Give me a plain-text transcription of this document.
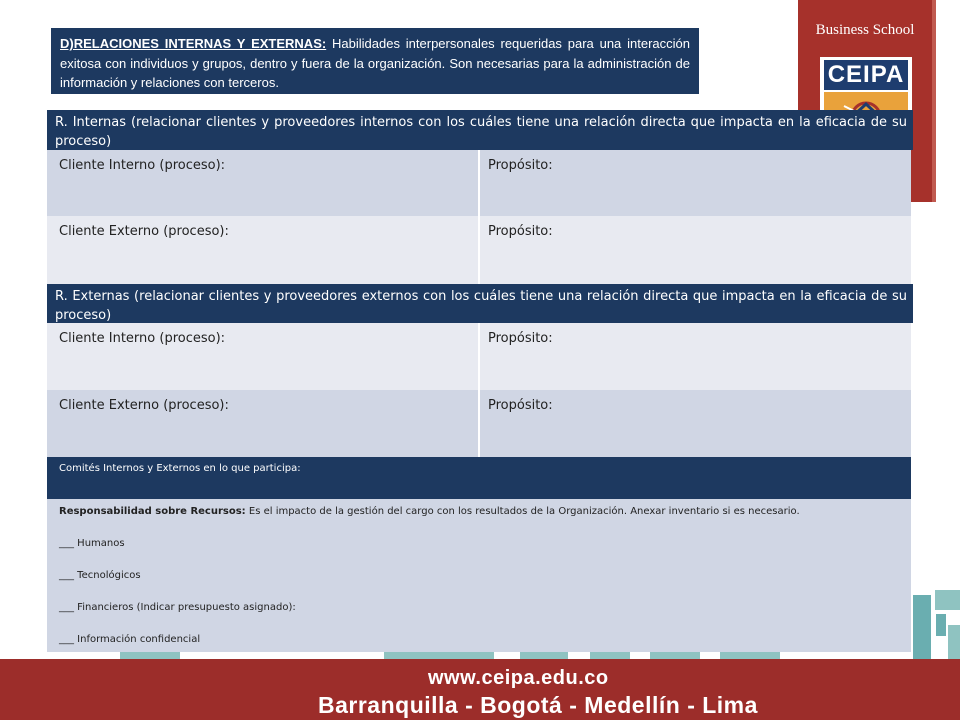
Business School
CEIPA
D)RELACIONES INTERNAS Y EXTERNAS: Habilidades interpersonales requeridas para una interacción exitosa con individuos y grupos, dentro y fuera de la organización. Son necesarias para la administración de información y relaciones con terceros.
R. Internas (relacionar clientes y proveedores internos con los cuáles tiene una relación directa que impacta en la eficacia de su proceso)
Cliente Interno (proceso):	Propósito:
Cliente Externo (proceso):	Propósito:
R. Externas (relacionar clientes y proveedores externos con los cuáles tiene una relación directa que impacta en la eficacia de su proceso)
Cliente Interno (proceso):	Propósito:
Cliente Externo (proceso):	Propósito:
Comités Internos y Externos en lo que participa:
Responsabilidad sobre Recursos: Es el impacto de la gestión del cargo con los resultados de la Organización. Anexar inventario si es necesario.
___ Humanos
___ Tecnológicos
___ Financieros (Indicar presupuesto asignado):
___ Información confidencial
www.ceipa.edu.co
Barranquilla - Bogotá - Medellín - Lima
